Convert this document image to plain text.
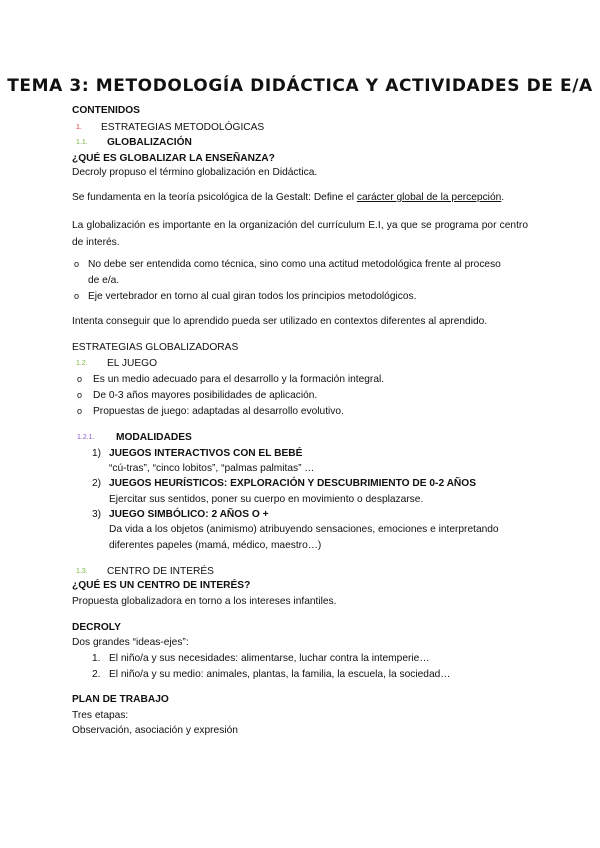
TEMA 3: METODOLOGÍA DIDÁCTICA Y ACTIVIDADES DE E/A
CONTENIDOS
1. ESTRATEGIAS METODOLÓGICAS
1.1. GLOBALIZACIÓN
¿QUÉ ES GLOBALIZAR LA ENSEÑANZA?
Decroly propuso el término globalización en Didáctica.
Se fundamenta en la teoría psicológica de la Gestalt: Define el carácter global de la percepción.
La globalización es importante en la organización del currículum E.I, ya que se programa por centro de interés.
o No debe ser entendida como técnica, sino como una actitud metodológica frente al proceso
de e/a.
o Eje vertebrador en torno al cual giran todos los principios metodológicos.
Intenta conseguir que lo aprendido pueda ser utilizado en contextos diferentes al aprendido.
ESTRATEGIAS GLOBALIZADORAS
1.2. EL JUEGO
o Es un medio adecuado para el desarrollo y la formación integral.
o De 0-3 años mayores posibilidades de aplicación.
o Propuestas de juego: adaptadas al desarrollo evolutivo.
1.2.1. MODALIDADES
1) JUEGOS INTERACTIVOS CON EL BEBÉ
“cú-tras”, “cinco lobitos”, “palmas palmitas” …
2) JUEGOS HEURÍSTICOS: EXPLORACIÓN Y DESCUBRIMIENTO DE 0-2 AÑOS
Ejercitar sus sentidos, poner su cuerpo en movimiento o desplazarse.
3) JUEGO SIMBÓLICO: 2 AÑOS O +
Da vida a los objetos (animismo) atribuyendo sensaciones, emociones e interpretando
diferentes papeles (mamá, médico, maestro…)
1.3. CENTRO DE INTERÉS
¿QUÉ ES UN CENTRO DE INTERÉS?
Propuesta globalizadora en torno a los intereses infantiles.
DECROLY
Dos grandes “ideas-ejes”:
1. El niño/a y sus necesidades: alimentarse, luchar contra la intemperie…
2. El niño/a y su medio: animales, plantas, la familia, la escuela, la sociedad…
PLAN DE TRABAJO
Tres etapas:
Observación, asociación y expresión
